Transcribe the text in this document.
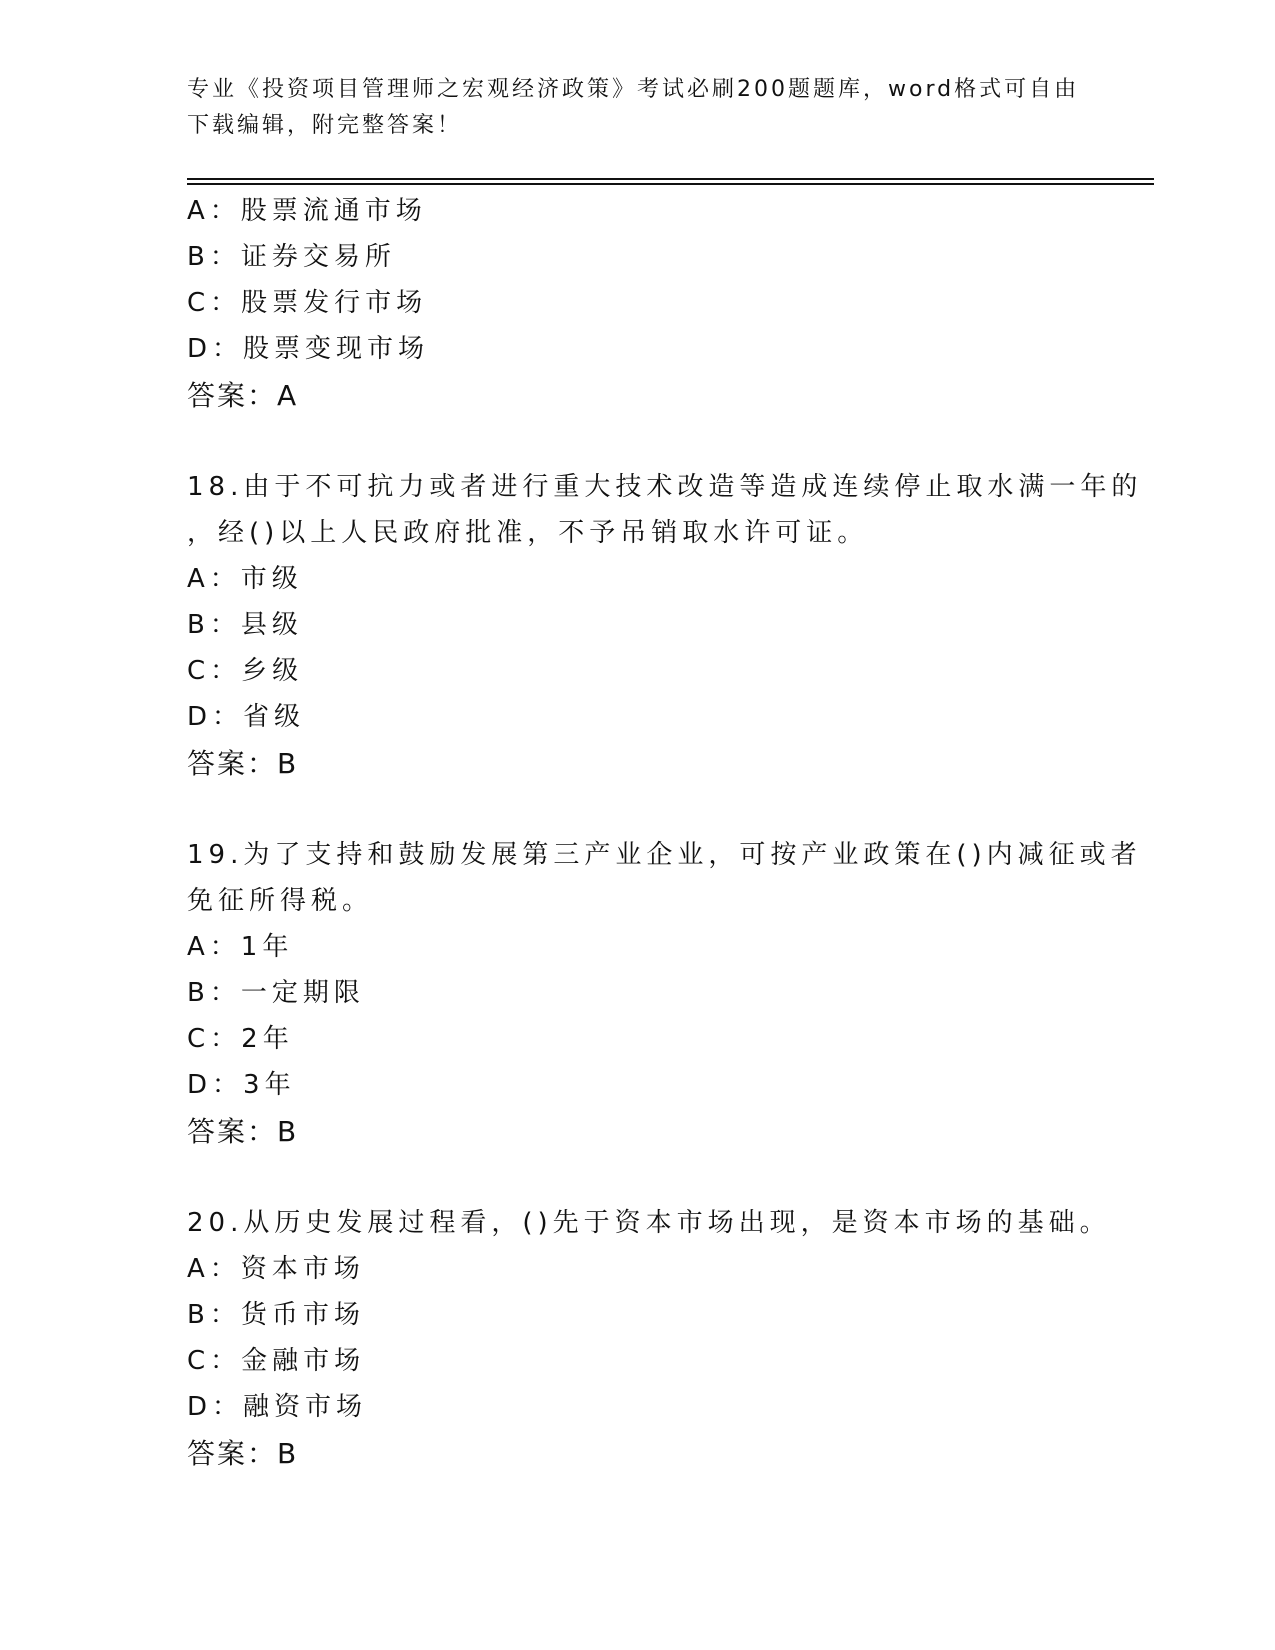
专业《投资项目管理师之宏观经济政策》考试必刷200题题库，word格式可自由
下载编辑，附完整答案！
A：股票流通市场
B：证券交易所
C：股票发行市场
D：股票变现市场
答案：A
18.由于不可抗力或者进行重大技术改造等造成连续停止取水满一年的
，经()以上人民政府批准，不予吊销取水许可证。
A：市级
B：县级
C：乡级
D：省级
答案：B
19.为了支持和鼓励发展第三产业企业，可按产业政策在()内减征或者
免征所得税。
A：1年
B：一定期限
C：2年
D：3年
答案：B
20.从历史发展过程看，()先于资本市场出现，是资本市场的基础。
A：资本市场
B：货币市场
C：金融市场
D：融资市场
答案：B
